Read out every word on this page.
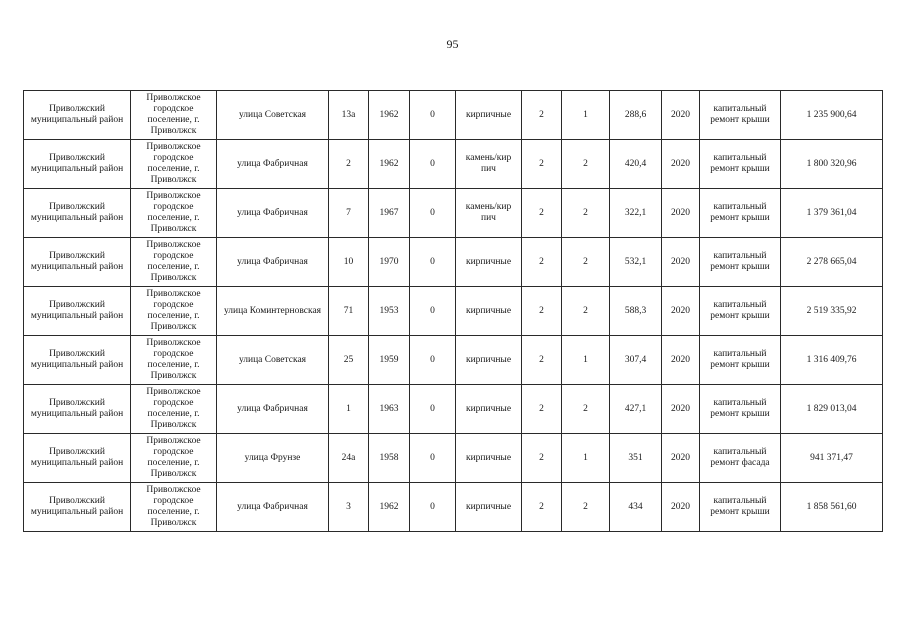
95
Приволжский муниципальный район	Приволжское городское поселение, г. Приволжск	улица Советская	13а	1962	0	кирпичные	2	1	288,6	2020	капитальный ремонт крыши	1 235 900,64
Приволжский муниципальный район	Приволжское городское поселение, г. Приволжск	улица Фабричная	2	1962	0	камень/кир пич	2	2	420,4	2020	капитальный ремонт крыши	1 800 320,96
Приволжский муниципальный район	Приволжское городское поселение, г. Приволжск	улица Фабричная	7	1967	0	камень/кир пич	2	2	322,1	2020	капитальный ремонт крыши	1 379 361,04
Приволжский муниципальный район	Приволжское городское поселение, г. Приволжск	улица Фабричная	10	1970	0	кирпичные	2	2	532,1	2020	капитальный ремонт крыши	2 278 665,04
Приволжский муниципальный район	Приволжское городское поселение, г. Приволжск	улица Коминтерновская	71	1953	0	кирпичные	2	2	588,3	2020	капитальный ремонт крыши	2 519 335,92
Приволжский муниципальный район	Приволжское городское поселение, г. Приволжск	улица Советская	25	1959	0	кирпичные	2	1	307,4	2020	капитальный ремонт крыши	1 316 409,76
Приволжский муниципальный район	Приволжское городское поселение, г. Приволжск	улица Фабричная	1	1963	0	кирпичные	2	2	427,1	2020	капитальный ремонт крыши	1 829 013,04
Приволжский муниципальный район	Приволжское городское поселение, г. Приволжск	улица Фрунзе	24а	1958	0	кирпичные	2	1	351	2020	капитальный ремонт фасада	941 371,47
Приволжский муниципальный район	Приволжское городское поселение, г. Приволжск	улица Фабричная	3	1962	0	кирпичные	2	2	434	2020	капитальный ремонт крыши	1 858 561,60
